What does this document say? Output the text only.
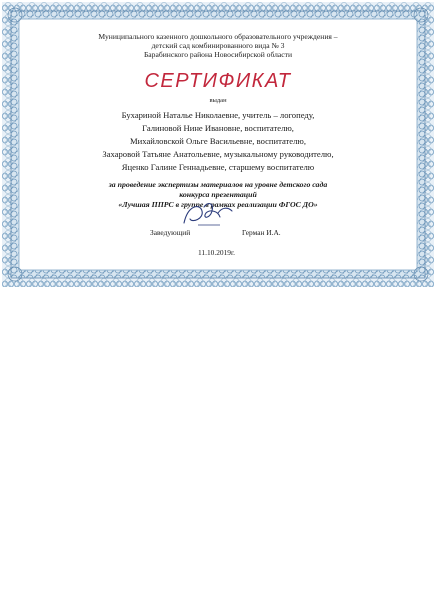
Муниципального казенного дошкольного образовательного учреждения –
детский сад комбинированного вида № 3
Барабинского района Новосибирской области
СЕРТИФИКАТ
выдан
Бухариной Наталье Николаевне, учитель – логопеду,
Галиновой Нине Ивановне, воспитателю,
Михайловской Ольге Васильевне, воспитателю,
Захаровой Татьяне Анатольевне, музыкальному руководителю,
Яценко Галине Геннадьевне, старшему воспитателю
за проведение экспертизы материалов на уровне детского сада
конкурса презентаций
«Лучшая ППРС в группе в рамках реализации ФГОС ДО»
Заведующий	Герман И.А.
11.10.2019г.
